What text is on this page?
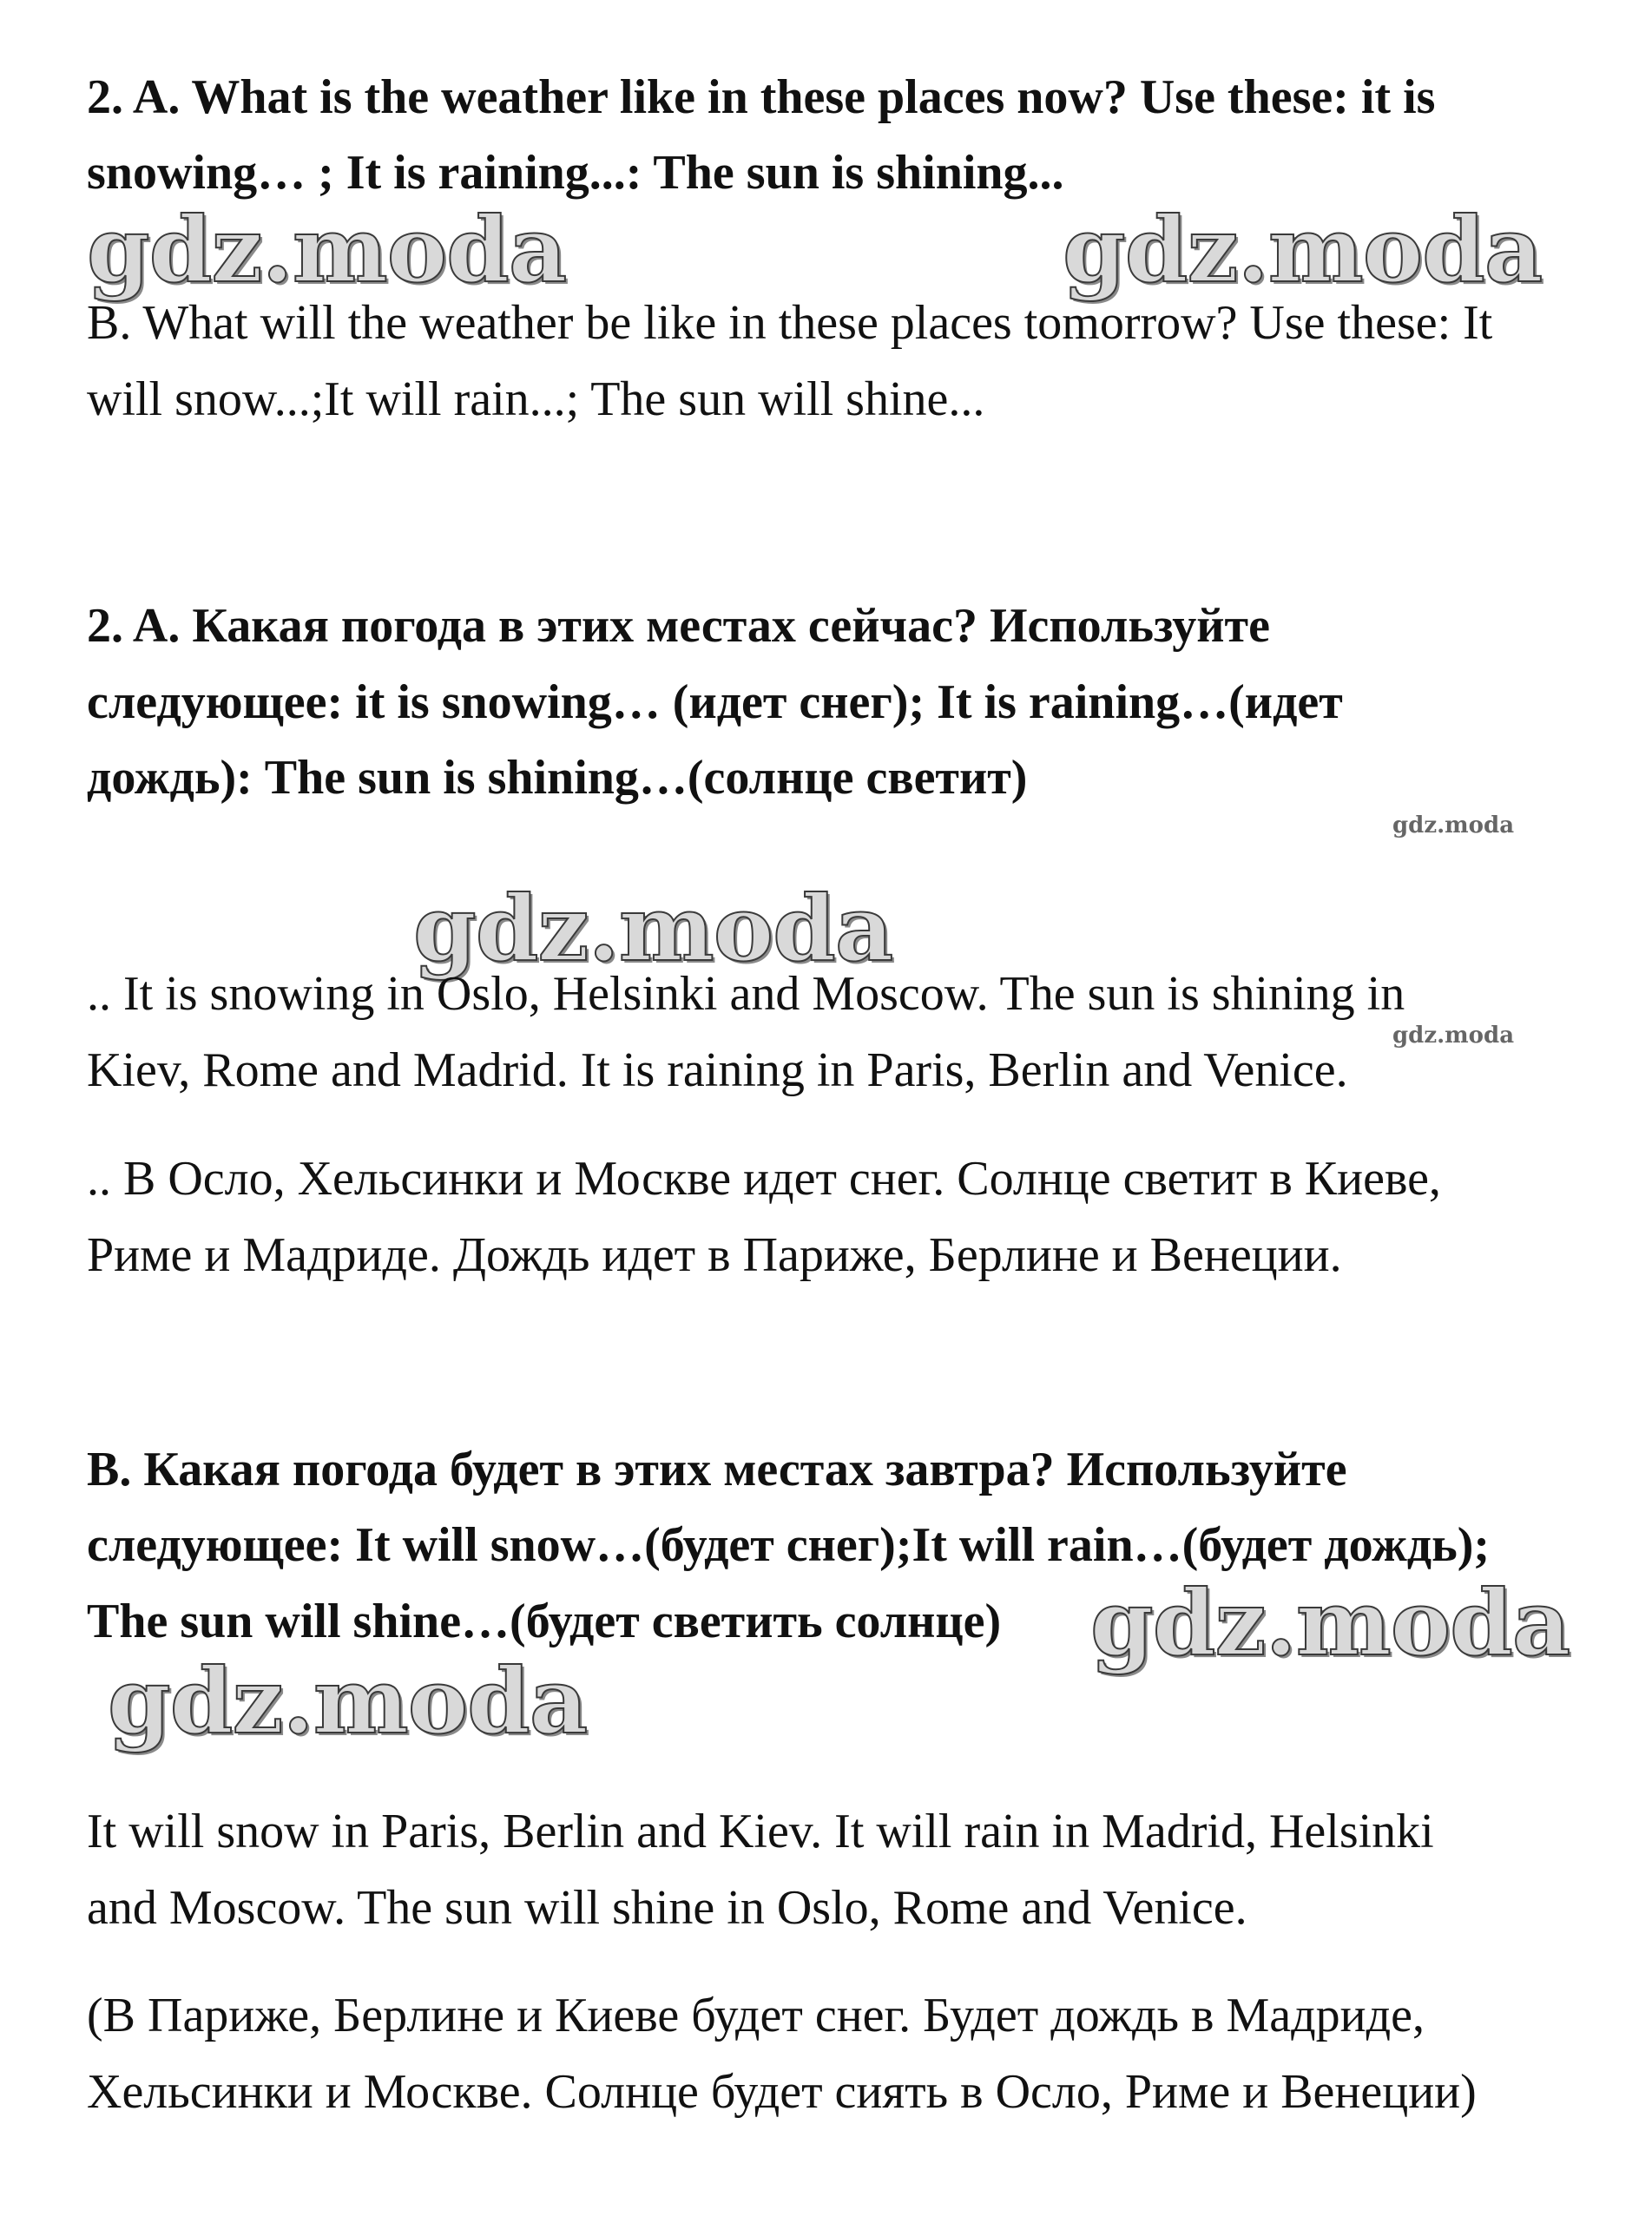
2. A. What is the weather like in these places now? Use these: it is
snowing… ; It is raining...: The sun is shining...
gdz.moda	gdz.moda
B. What will the weather be like in these places tomorrow? Use these: It
will snow...;It will rain...; The sun will shine...
2. A. Какая погода в этих местах сейчас? Используйте
следующее: it is snowing… (идет снег); It is raining…(идет
дождь): The sun is shining…(солнце светит)
gdz.moda
gdz.moda
.. It is snowing in Oslo, Helsinki and Moscow. The sun is shining in
gdz.moda
Kiev, Rome and Madrid. It is raining in Paris, Berlin and Venice.
.. В Осло, Хельсинки и Москве идет снег. Солнце светит в Киеве,
Риме и Мадриде. Дождь идет в Париже, Берлине и Венеции.
B. Какая погода будет в этих местах завтра? Используйте
следующее: It will snow…(будет снег);It will rain…(будет дождь);
The sun will shine…(будет светить солнце) gdz.moda
gdz.moda
It will snow in Paris, Berlin and Kiev. It will rain in Madrid, Helsinki
and Moscow. The sun will shine in Oslo, Rome and Venice.
(В Париже, Берлине и Киеве будет снег. Будет дождь в Мадриде,
Хельсинки и Москве. Солнце будет сиять в Осло, Риме и Венеции)
